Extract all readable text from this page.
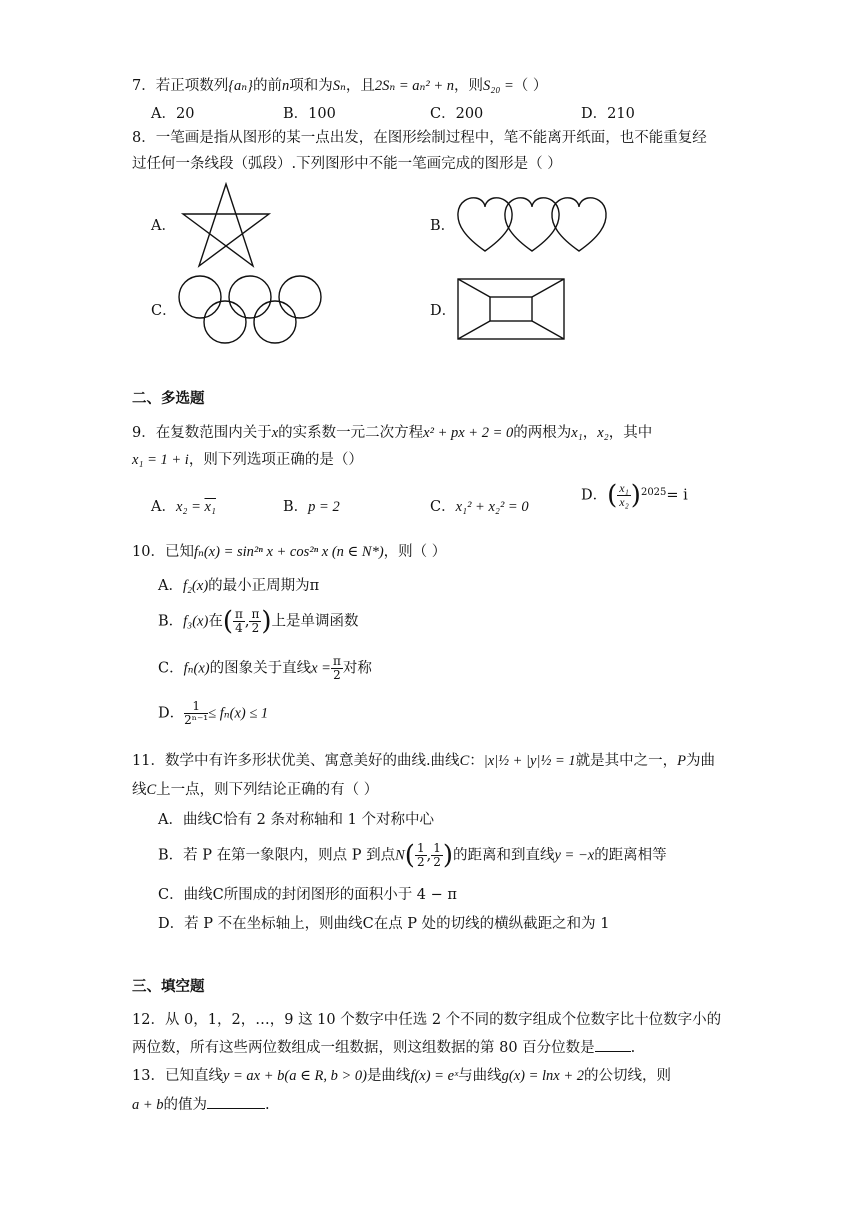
7．若正项数列{aₙ}的前n项和为Sₙ，且2Sₙ = aₙ² + n，则S₂₀ =（ ）
A．20	B．100	C．200	D．210
8．一笔画是指从图形的某一点出发，在图形绘制过程中，笔不能离开纸面，也不能重复经
过任何一条线段（弧段）.下列图形中不能一笔画完成的图形是（ ）
A．	B．
C．	D．
二、多选题
9．在复数范围内关于x的实系数一元二次方程x² + px + 2 = 0的两根为x₁，x₂，其中
x₁ = 1 + i，则下列选项正确的是（）
A．x₂ = x₁	B．p = 2	C．x₁² + x₂² = 0
D．( $\frac{\text{x₁}}{\text{x₂}} )^{2025}= i$
10．已知fₙ(x) = sin²ⁿ x + cos²ⁿ x (n ∈ N*)，则（ ）
A．f₂(x)的最小正周期为π
B．f₃(x)在( $\frac{\pi}{4}$ , $\frac{\pi}{2}$ )上是单调函数
C．fₙ(x)的图象关于直线$x = \frac{\pi}{2}$ 对称
D． $\frac{1}{\text{2ⁿ⁻¹}} \le f_n(x) \le 1$
11．数学中有许多形状优美、寓意美好的曲线.曲线C：|x|½ + |y|½ = 1就是其中之一，P为曲
线C上一点，则下列结论正确的有（ ）
A．曲线C恰有 2 条对称轴和 1 个对称中心
B．若 P 在第一象限内，则点 P 到点$N( \frac{1}{2}$ , $\frac{1}{2}$ )的距离和到直线y = −x的距离相等
C．曲线C所围成的封闭图形的面积小于 4 − π
D．若 P 不在坐标轴上，则曲线C在点 P 处的切线的横纵截距之和为 1
三、填空题
12．从 0，1，2，…，9 这 10 个数字中任选 2 个不同的数字组成个位数字比十位数字小的
两位数，所有这些两位数组成一组数据，则这组数据的第 80 百分位数是 .
13．已知直线y = ax + b(a ∈ R, b > 0)是曲线f(x) = eˣ与曲线g(x) = lnx + 2的公切线，则
a + b的值为	.
